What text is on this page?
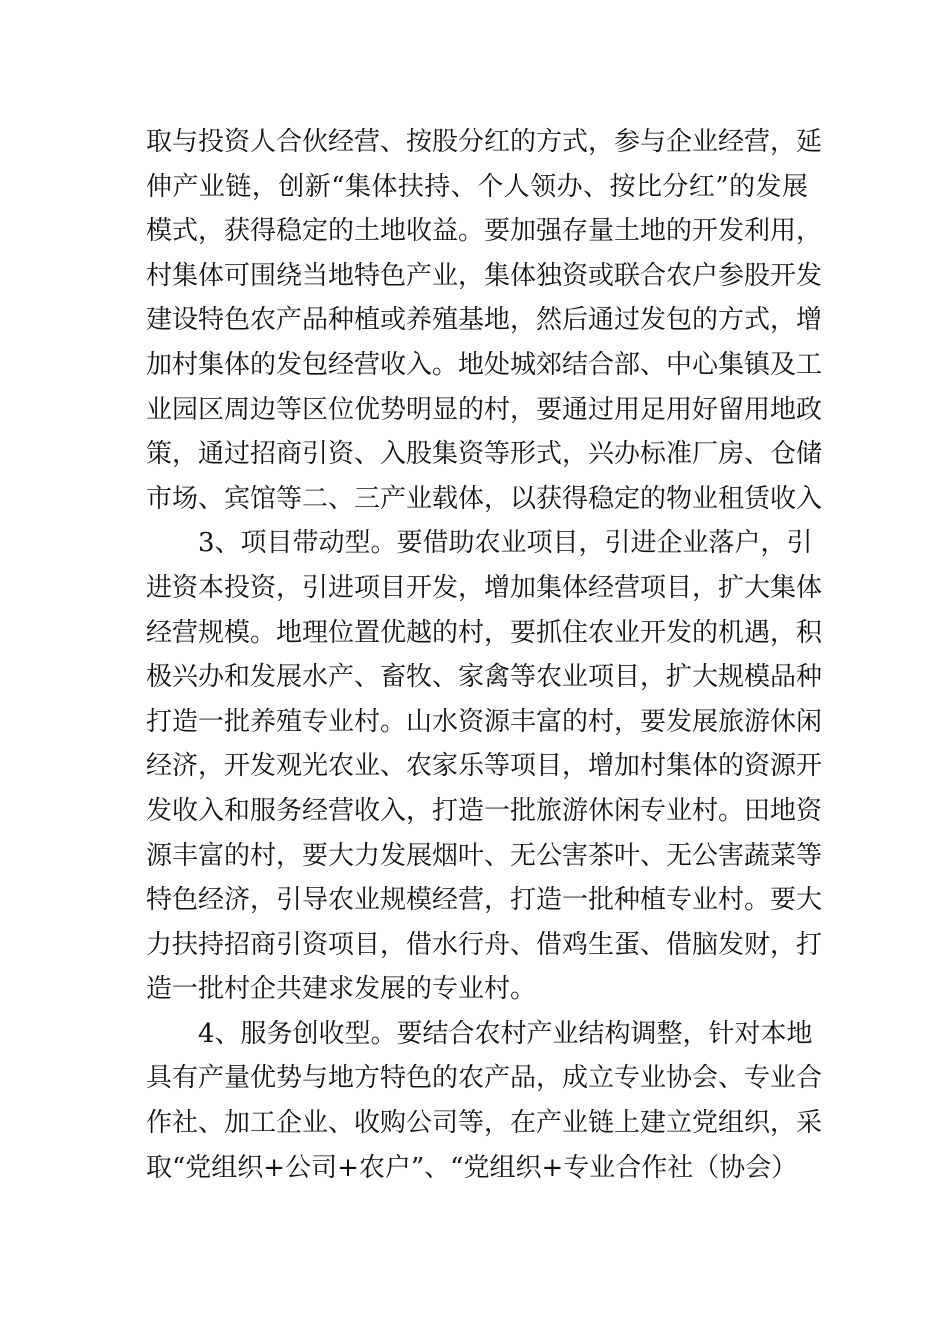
取与投资人合伙经营、按股分红的方式，参与企业经营，延
伸产业链，创新“集体扶持、个人领办、按比分红”的发展
模式，获得稳定的土地收益。要加强存量土地的开发利用，
村集体可围绕当地特色产业，集体独资或联合农户参股开发
建设特色农产品种植或养殖基地，然后通过发包的方式，增
加村集体的发包经营收入。地处城郊结合部、中心集镇及工
业园区周边等区位优势明显的村，要通过用足用好留用地政
策，通过招商引资、入股集资等形式，兴办标准厂房、仓储
市场、宾馆等二、三产业载体，以获得稳定的物业租赁收入
3、项目带动型。要借助农业项目，引进企业落户，引
进资本投资，引进项目开发，增加集体经营项目，扩大集体
经营规模。地理位置优越的村，要抓住农业开发的机遇，积
极兴办和发展水产、畜牧、家禽等农业项目，扩大规模品种
打造一批养殖专业村。山水资源丰富的村，要发展旅游休闲
经济，开发观光农业、农家乐等项目，增加村集体的资源开
发收入和服务经营收入，打造一批旅游休闲专业村。田地资
源丰富的村，要大力发展烟叶、无公害茶叶、无公害蔬菜等
特色经济，引导农业规模经营，打造一批种植专业村。要大
力扶持招商引资项目，借水行舟、借鸡生蛋、借脑发财，打
造一批村企共建求发展的专业村。
4、服务创收型。要结合农村产业结构调整，针对本地
具有产量优势与地方特色的农产品，成立专业协会、专业合
作社、加工企业、收购公司等，在产业链上建立党组织，采
取“党组织+公司+农户”、“党组织+专业合作社（协会）
